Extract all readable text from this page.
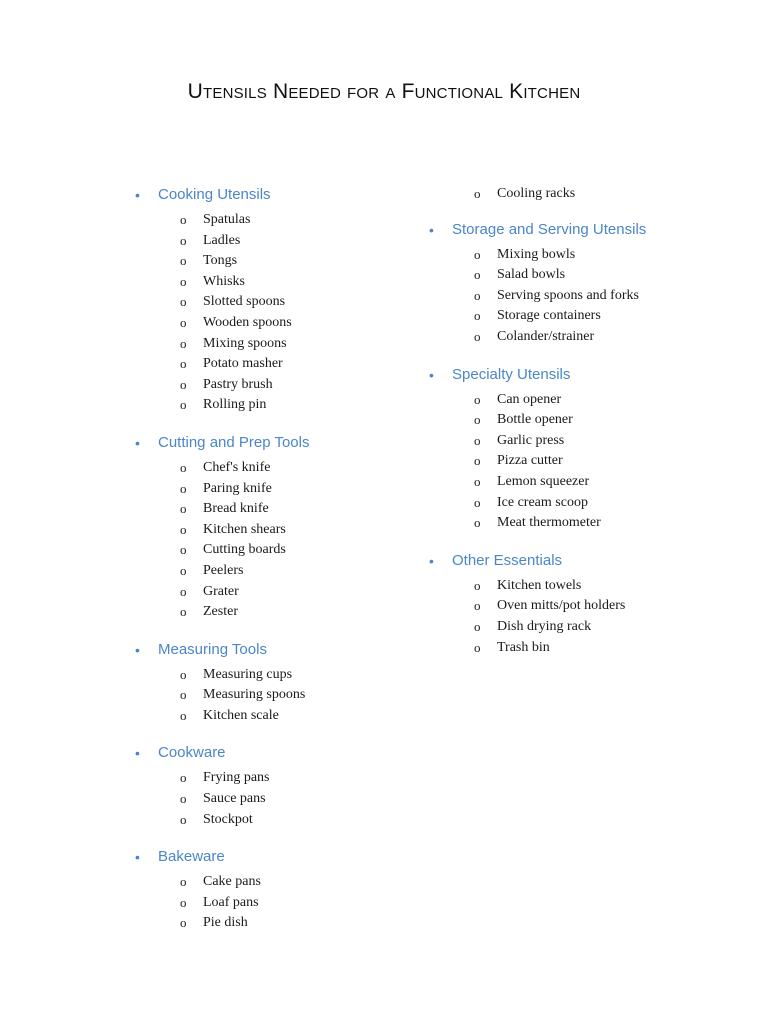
Utensils Needed for a Functional Kitchen
• Cooking Utensils
o Spatulas
o Ladles
o Tongs
o Whisks
o Slotted spoons
o Wooden spoons
o Mixing spoons
o Potato masher
o Pastry brush
o Rolling pin
• Cutting and Prep Tools
o Chef's knife
o Paring knife
o Bread knife
o Kitchen shears
o Cutting boards
o Peelers
o Grater
o Zester
• Measuring Tools
o Measuring cups
o Measuring spoons
o Kitchen scale
• Cookware
o Frying pans
o Sauce pans
o Stockpot
• Bakeware
o Cake pans
o Loaf pans
o Pie dish
o Cooling racks
• Storage and Serving Utensils
o Mixing bowls
o Salad bowls
o Serving spoons and forks
o Storage containers
o Colander/strainer
• Specialty Utensils
o Can opener
o Bottle opener
o Garlic press
o Pizza cutter
o Lemon squeezer
o Ice cream scoop
o Meat thermometer
• Other Essentials
o Kitchen towels
o Oven mitts/pot holders
o Dish drying rack
o Trash bin
